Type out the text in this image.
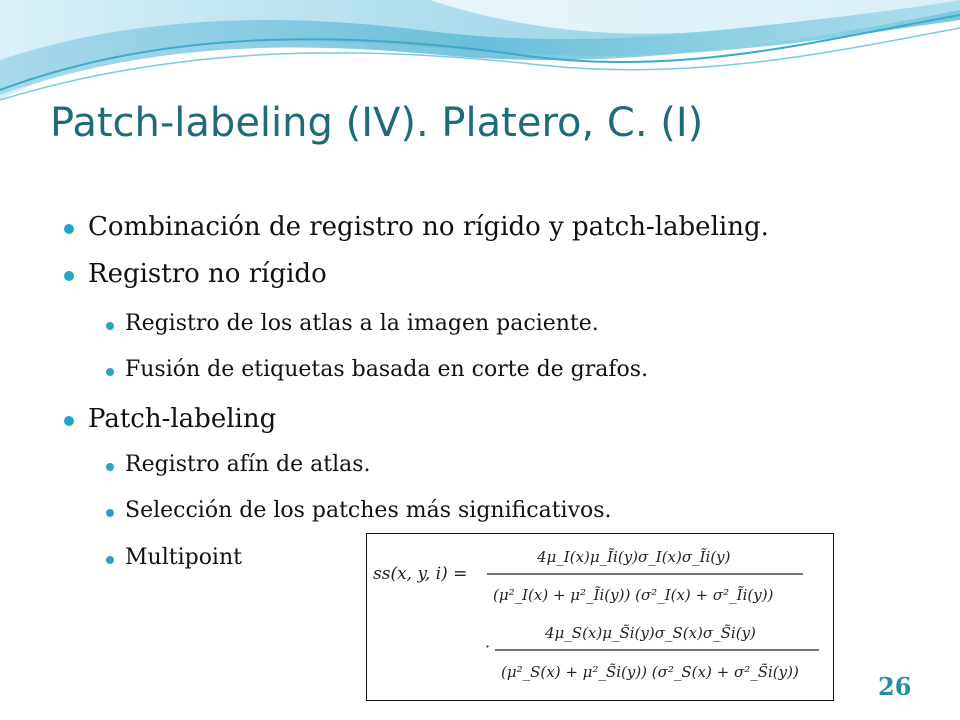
Patch-labeling (IV). Platero, C. (I)
Combinación de registro no rígido y patch-labeling.
Registro no rígido
Registro de los atlas a la imagen paciente.
Fusión de etiquetas basada en corte de grafos.
Patch-labeling
Registro afín de atlas.
Selección de los patches más significativos.
Multipoint
ss(x, y, i) =
4μ_I(x)μ_Ĩi(y)σ_I(x)σ_Ĩi(y)
(μ²_I(x) + μ²_Ĩi(y)) (σ²_I(x) + σ²_Ĩi(y))
·
4μ_S(x)μ_S̃i(y)σ_S(x)σ_S̃i(y)
(μ²_S(x) + μ²_S̃i(y)) (σ²_S(x) + σ²_S̃i(y))	26
